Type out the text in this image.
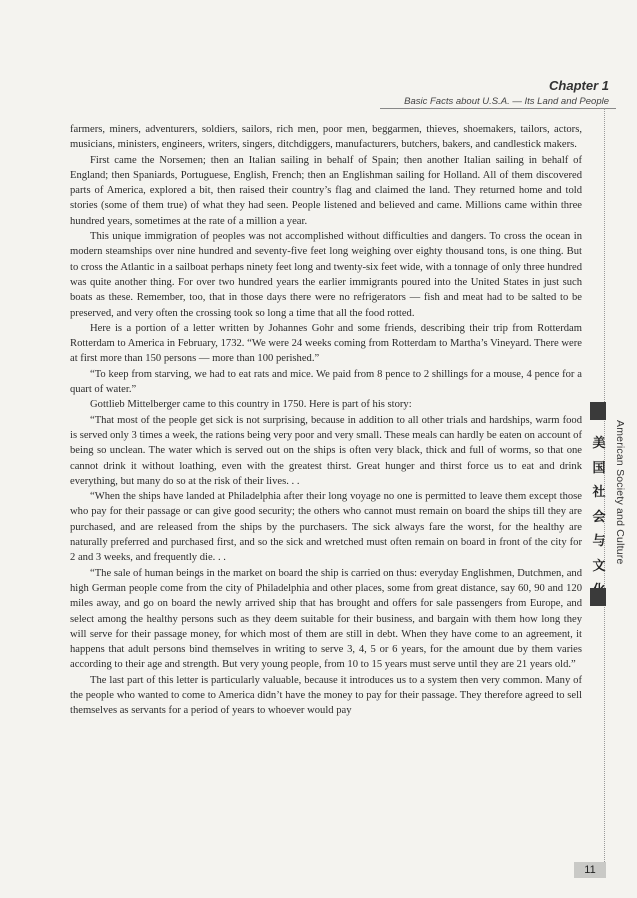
Chapter 1
Basic Facts about U.S.A. — Its Land and People

farmers, miners, adventurers, soldiers, sailors, rich men, poor men, beggarmen, thieves, shoemakers, tailors, actors, musicians, ministers, engineers, writers, singers, ditchdiggers, manufacturers, butchers, bakers, and candlestick makers.

First came the Norsemen; then an Italian sailing in behalf of Spain; then another Italian sailing in behalf of England; then Spaniards, Portuguese, English, French; then an Englishman sailing for Holland. All of them discovered parts of America, explored a bit, then raised their country’s flag and claimed the land. They returned home and told stories (some of them true) of what they had seen. People listened and believed and came. Millions came within three hundred years, sometimes at the rate of a million a year.

This unique immigration of peoples was not accomplished without difficulties and dangers. To cross the ocean in modern steamships over nine hundred and seventy-five feet long weighing over eighty thousand tons, is one thing. But to cross the Atlantic in a sailboat perhaps ninety feet long and twenty-six feet wide, with a tonnage of only three hundred was quite another thing. For over two hundred years the earlier immigrants poured into the United States in just such boats as these. Remember, too, that in those days there were no refrigerators — fish and meat had to be salted to be preserved, and very often the crossing took so long a time that all the food rotted.

Here is a portion of a letter written by Johannes Gohr and some friends, describing their trip from Rotterdam Rotterdam to America in February, 1732. “We were 24 weeks coming from Rotterdam to Martha’s Vineyard. There were at first more than 150 persons — more than 100 perished.”

“To keep from starving, we had to eat rats and mice. We paid from 8 pence to 2 shillings for a mouse, 4 pence for a quart of water.”

Gottlieb Mittelberger came to this country in 1750. Here is part of his story:

“That most of the people get sick is not surprising, because in addition to all other trials and hardships, warm food is served only 3 times a week, the rations being very poor and very small. These meals can hardly be eaten on account of being so unclean. The water which is served out on the ships is often very black, thick and full of worms, so that one cannot drink it without loathing, even with the greatest thirst. Great hunger and thirst force us to eat and drink everything, but many do so at the risk of their lives. . .

“When the ships have landed at Philadelphia after their long voyage no one is permitted to leave them except those who pay for their passage or can give good security; the others who cannot must remain on board the ships till they are purchased, and are released from the ships by the purchasers. The sick always fare the worst, for the healthy are naturally preferred and purchased first, and so the sick and wretched must often remain on board in front of the city for 2 and 3 weeks, and frequently die. . .

“The sale of human beings in the market on board the ship is carried on thus: everyday Englishmen, Dutchmen, and high German people come from the city of Philadelphia and other places, some from great distance, say 60, 90 and 120 miles away, and go on board the newly arrived ship that has brought and offers for sale passengers from Europe, and select among the healthy persons such as they deem suitable for their business, and bargain with them how long they will serve for their passage money, for which most of them are still in debt. When they have come to an agreement, it happens that adult persons bind themselves in writing to serve 3, 4, 5 or 6 years, for the amount due by them varies according to their age and strength. But very young people, from 10 to 15 years must serve until they are 21 years old.”

The last part of this letter is particularly valuable, because it introduces us to a system then very common. Many of the people who wanted to come to America didn’t have the money to pay for their passage. They therefore agreed to sell themselves as servants for a period of years to whoever would pay

美
国
社
会
与
文
American Society and Culture
11
